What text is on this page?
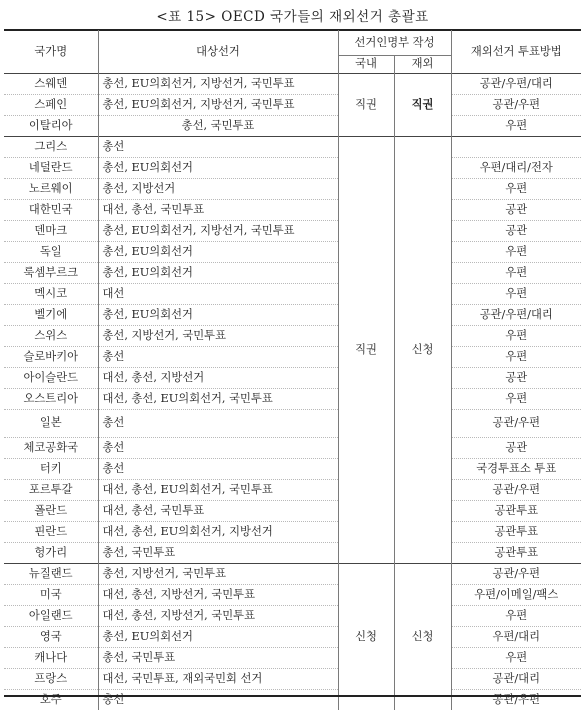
<표 15> OECD 국가들의 재외선거 총괄표
국가명	대상선거	선거인명부 작성		재외선거 투표방법
		국내	재외	
스웨덴	총선, EU의회선거, 지방선거, 국민투표	직권	직권	공관/우편/대리
스페인	총선, EU의회선거, 지방선거, 국민투표			공관/우편
이탈리아	총선, 국민투표			우편
그리스	총선	직권	신청	
네덜란드	총선, EU의회선거			우편/대리/전자
노르웨이	총선, 지방선거			우편
대한민국	대선, 총선, 국민투표			공관
덴마크	총선, EU의회선거, 지방선거, 국민투표			공관
독일	총선, EU의회선거			우편
룩셈부르크	총선, EU의회선거			우편
멕시코	대선			우편
벨기에	총선, EU의회선거			공관/우편/대리
스위스	총선, 지방선거, 국민투표			우편
슬로바키아	총선			우편
아이슬란드	대선, 총선, 지방선거			공관
오스트리아	대선, 총선, EU의회선거, 국민투표			우편
일본	총선			공관/우편
체코공화국	총선			공관
터키	총선			국경투표소 투표
포르투갈	대선, 총선, EU의회선거, 국민투표			공관/우편
폴란드	대선, 총선, 국민투표			공관투표
핀란드	대선, 총선, EU의회선거, 지방선거			공관투표
헝가리	총선, 국민투표			공관투표
뉴질랜드	총선, 지방선거, 국민투표	신청	신청	공관/우편
미국	대선, 총선, 지방선거, 국민투표			우편/이메일/팩스
아일랜드	대선, 총선, 지방선거, 국민투표			우편
영국	총선, EU의회선거			우편/대리
캐나다	총선, 국민투표			우편
프랑스	대선, 국민투표, 재외국민회 선거			공관/대리
호주	총선			공관/우편
